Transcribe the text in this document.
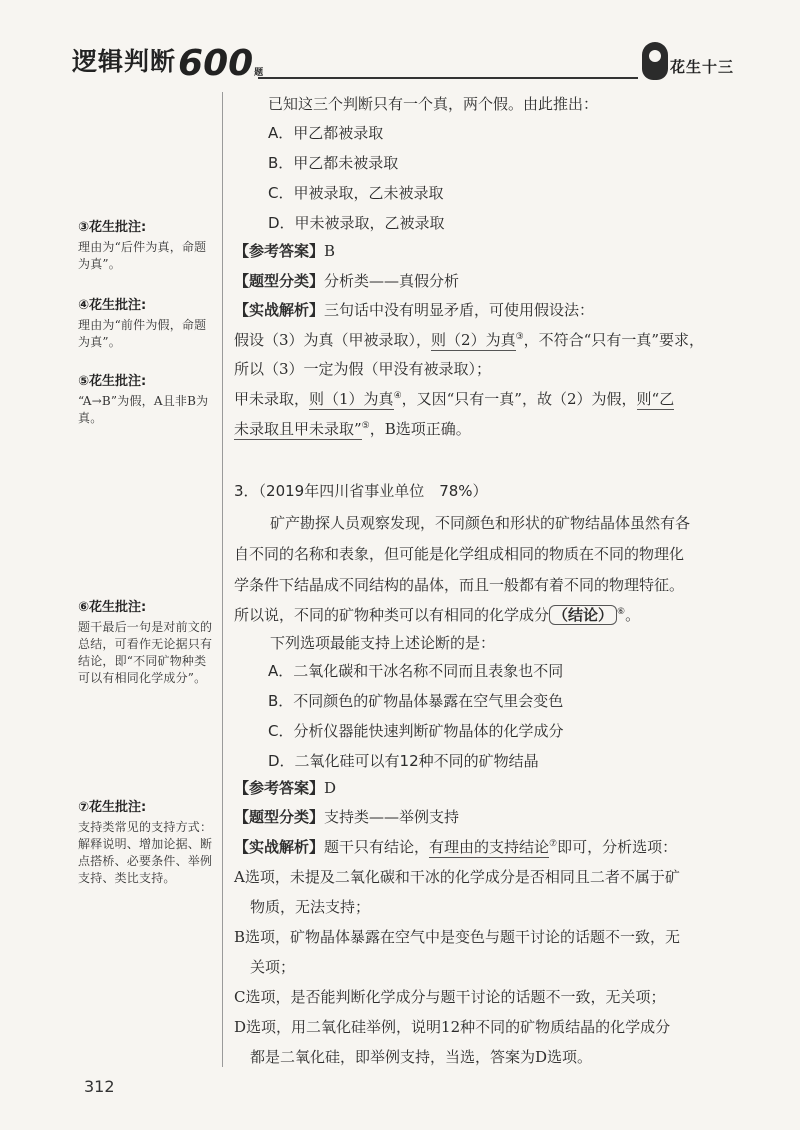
逻辑判断 600 题	花生十三
③花生批注:
理由为“后件为真，命题为真”。
④花生批注:
理由为“前件为假，命题为真”。
⑤花生批注:
“A→B”为假，A且非B为真。
⑥花生批注:
题干最后一句是对前文的总结，可看作无论据只有结论，即“不同矿物种类可以有相同化学成分”。
⑦花生批注:
支持类常见的支持方式：解释说明、增加论据、断点搭桥、必要条件、举例支持、类比支持。
已知这三个判断只有一个真，两个假。由此推出：
A．甲乙都被录取
B．甲乙都未被录取
C．甲被录取，乙未被录取
D．甲未被录取，乙被录取
【参考答案】B
【题型分类】分析类——真假分析
【实战解析】三句话中没有明显矛盾，可使用假设法：
假设（3）为真（甲被录取），则（2）为真③，不符合“只有一真”要求，
所以（3）一定为假（甲没有被录取）；
甲未录取，则（1）为真④，又因“只有一真”，故（2）为假，则“乙
未录取且甲未录取”⑤，B选项正确。
3．（2019年四川省事业单位　78%）
矿产勘探人员观察发现，不同颜色和形状的矿物结晶体虽然有各
自不同的名称和表象，但可能是化学组成相同的物质在不同的物理化
学条件下结晶成不同结构的晶体，而且一般都有着不同的物理特征。
所以说，不同的矿物种类可以有相同的化学成分 （结论） ⑥。
下列选项最能支持上述论断的是：
A．二氧化碳和干冰名称不同而且表象也不同
B．不同颜色的矿物晶体暴露在空气里会变色
C．分析仪器能快速判断矿物晶体的化学成分
D．二氧化硅可以有12种不同的矿物结晶
【参考答案】D
【题型分类】支持类——举例支持
【实战解析】题干只有结论，有理由的支持结论⑦即可，分析选项：
A选项，未提及二氧化碳和干冰的化学成分是否相同且二者不属于矿
物质，无法支持；
B选项，矿物晶体暴露在空气中是变色与题干讨论的话题不一致，无
关项；
C选项，是否能判断化学成分与题干讨论的话题不一致，无关项；
D选项，用二氧化硅举例，说明12种不同的矿物质结晶的化学成分
都是二氧化硅，即举例支持，当选，答案为D选项。
312
